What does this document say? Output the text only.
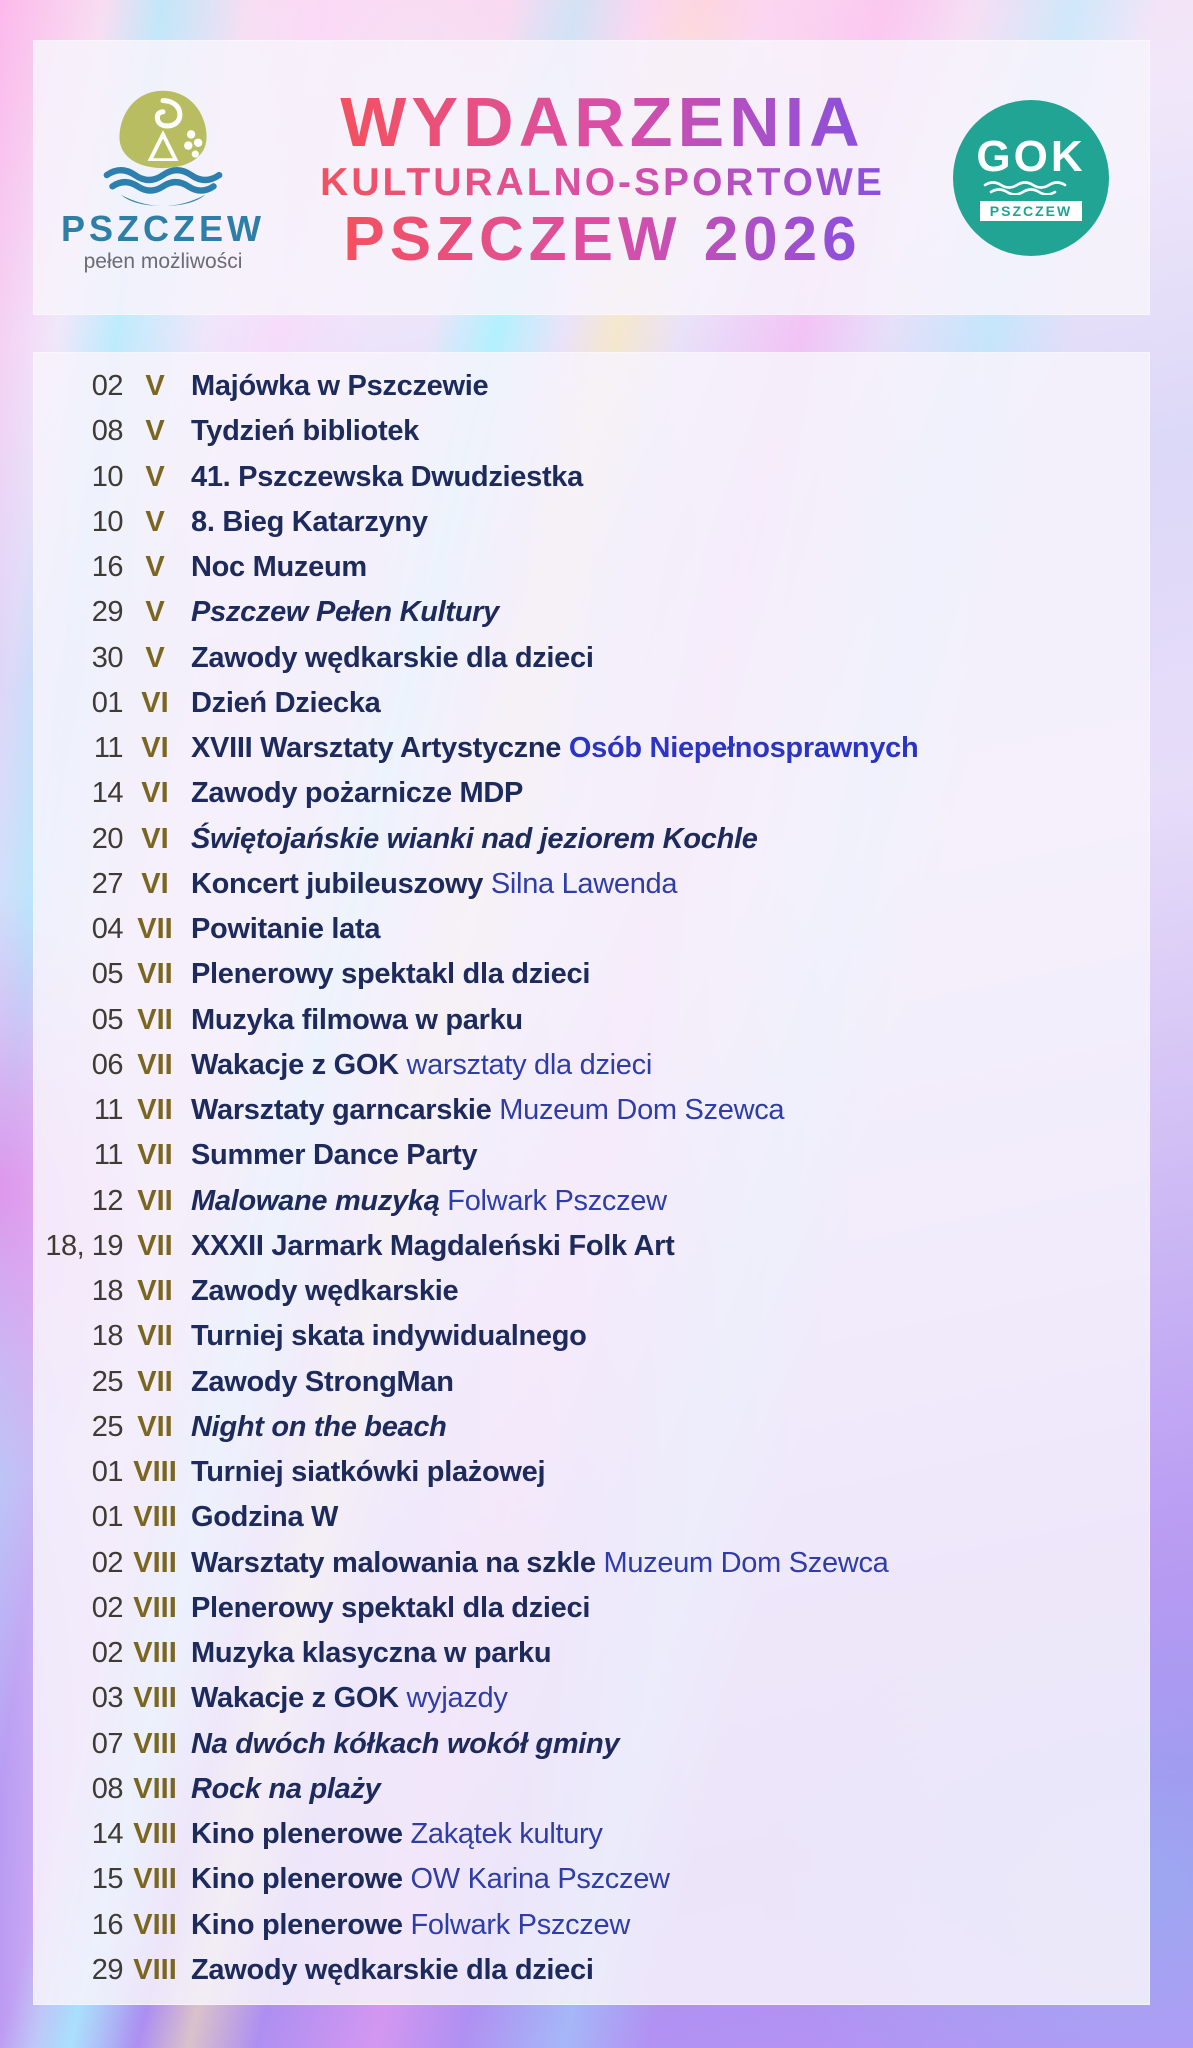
PSZCZEW
pełen możliwości
WYDARZENIA
KULTURALNO-SPORTOWE
PSZCZEW 2026
GOK
PSZCZEW
02 V Majówka w Pszczewie
08 V Tydzień bibliotek
10 V 41. Pszczewska Dwudziestka
10 V 8. Bieg Katarzyny
16 V Noc Muzeum
29 V Pszczew Pełen Kultury
30 V Zawody wędkarskie dla dzieci
01 VI Dzień Dziecka
11 VI XVIII Warsztaty Artystyczne Osób Niepełnosprawnych
14 VI Zawody pożarnicze MDP
20 VI Świętojańskie wianki nad jeziorem Kochle
27 VI Koncert jubileuszowy Silna Lawenda
04 VII Powitanie lata
05 VII Plenerowy spektakl dla dzieci
05 VII Muzyka filmowa w parku
06 VII Wakacje z GOK warsztaty dla dzieci
11 VII Warsztaty garncarskie Muzeum Dom Szewca
11 VII Summer Dance Party
12 VII Malowane muzyką Folwark Pszczew
18, 19 VII XXXII Jarmark Magdaleński Folk Art
18 VII Zawody wędkarskie
18 VII Turniej skata indywidualnego
25 VII Zawody StrongMan
25 VII Night on the beach
01 VIII Turniej siatkówki plażowej
01 VIII Godzina W
02 VIII Warsztaty malowania na szkle Muzeum Dom Szewca
02 VIII Plenerowy spektakl dla dzieci
02 VIII Muzyka klasyczna w parku
03 VIII Wakacje z GOK wyjazdy
07 VIII Na dwóch kółkach wokół gminy
08 VIII Rock na plaży
14 VIII Kino plenerowe Zakątek kultury
15 VIII Kino plenerowe OW Karina Pszczew
16 VIII Kino plenerowe Folwark Pszczew
29 VIII Zawody wędkarskie dla dzieci
